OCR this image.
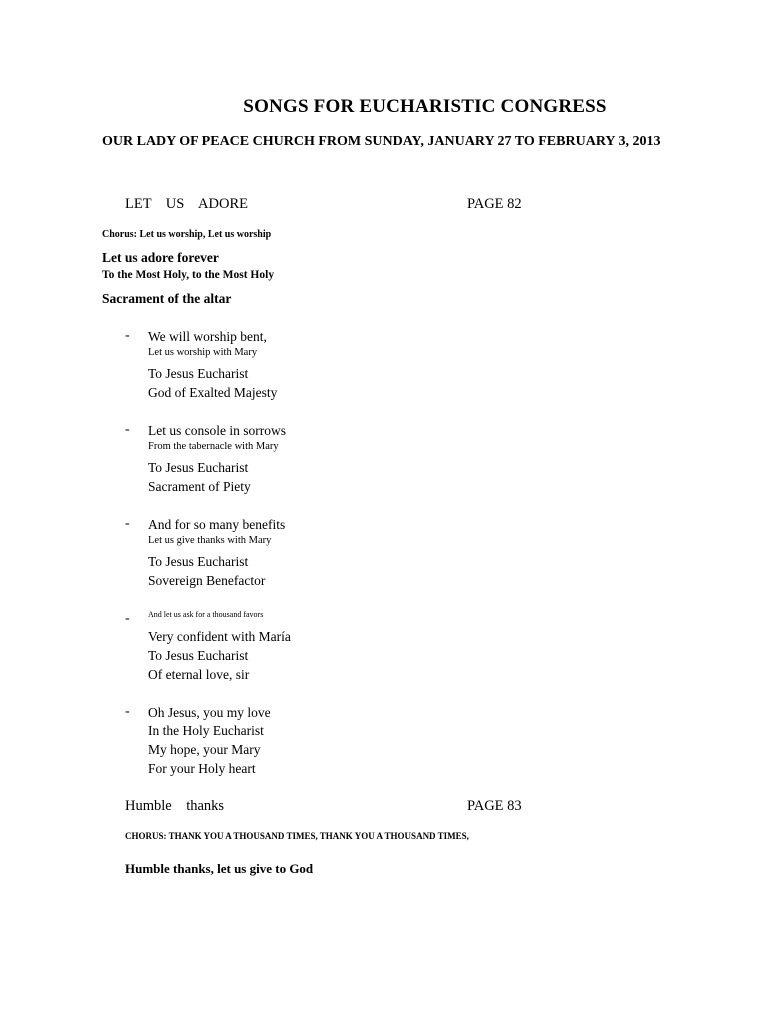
SONGS FOR EUCHARISTIC CONGRESS
OUR LADY OF PEACE CHURCH FROM SUNDAY, JANUARY 27 TO FEBRUARY 3, 2013
LET    US    ADORE	PAGE 82
Chorus: Let us worship, Let us worship
Let us adore forever
To the Most Holy, to the Most Holy
Sacrament of the altar
- We will worship bent,
Let us worship with Mary
To Jesus Eucharist
God of Exalted Majesty
- Let us console in sorrows
From the tabernacle with Mary
To Jesus Eucharist
Sacrament of Piety
- And for so many benefits
Let us give thanks with Mary
To Jesus Eucharist
Sovereign Benefactor
- And let us ask for a thousand favors
Very confident with María
To Jesus Eucharist
Of eternal love, sir
- Oh Jesus, you my love
In the Holy Eucharist
My hope, your Mary
For your Holy heart
Humble    thanks	PAGE 83
CHORUS: THANK YOU A THOUSAND TIMES, THANK YOU A THOUSAND TIMES,
Humble thanks, let us give to God
